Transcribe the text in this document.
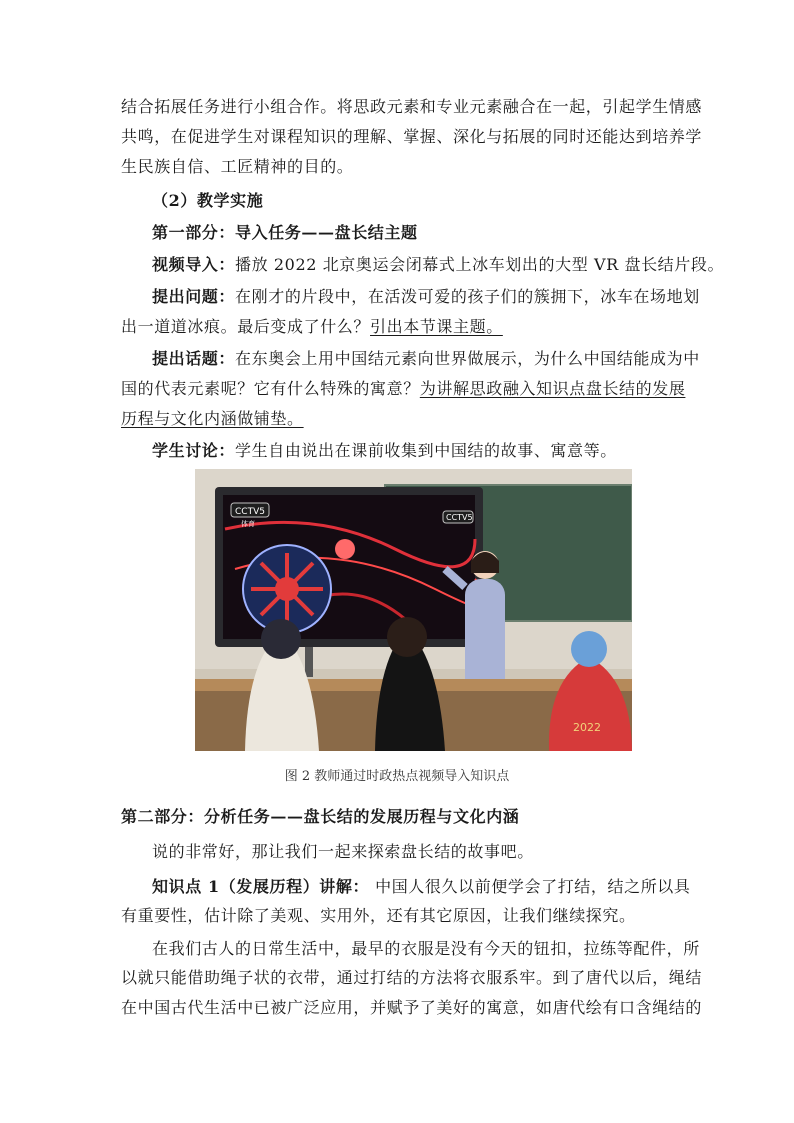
结合拓展任务进行小组合作。将思政元素和专业元素融合在一起，引起学生情感
共鸣，在促进学生对课程知识的理解、掌握、深化与拓展的同时还能达到培养学
生民族自信、工匠精神的目的。
（2）教学实施
第一部分：导入任务——盘长结主题
视频导入：播放 2022 北京奥运会闭幕式上冰车划出的大型 VR 盘长结片段。
提出问题：在刚才的片段中，在活泼可爱的孩子们的簇拥下，冰车在场地划
出一道道冰痕。最后变成了什么？引出本节课主题。
提出话题：在东奥会上用中国结元素向世界做展示，为什么中国结能成为中
国的代表元素呢？它有什么特殊的寓意？为讲解思政融入知识点盘长结的发展
历程与文化内涵做铺垫。
学生讨论：学生自由说出在课前收集到中国结的故事、寓意等。
CCTV5
体育
CCTV5
2022
图 2 教师通过时政热点视频导入知识点
第二部分：分析任务——盘长结的发展历程与文化内涵
说的非常好，那让我们一起来探索盘长结的故事吧。
知识点 1（发展历程）讲解： 中国人很久以前便学会了打结，结之所以具
有重要性，估计除了美观、实用外，还有其它原因，让我们继续探究。
在我们古人的日常生活中，最早的衣服是没有今天的钮扣，拉练等配件，所
以就只能借助绳子状的衣带，通过打结的方法将衣服系牢。到了唐代以后，绳结
在中国古代生活中已被广泛应用，并赋予了美好的寓意，如唐代绘有口含绳结的
